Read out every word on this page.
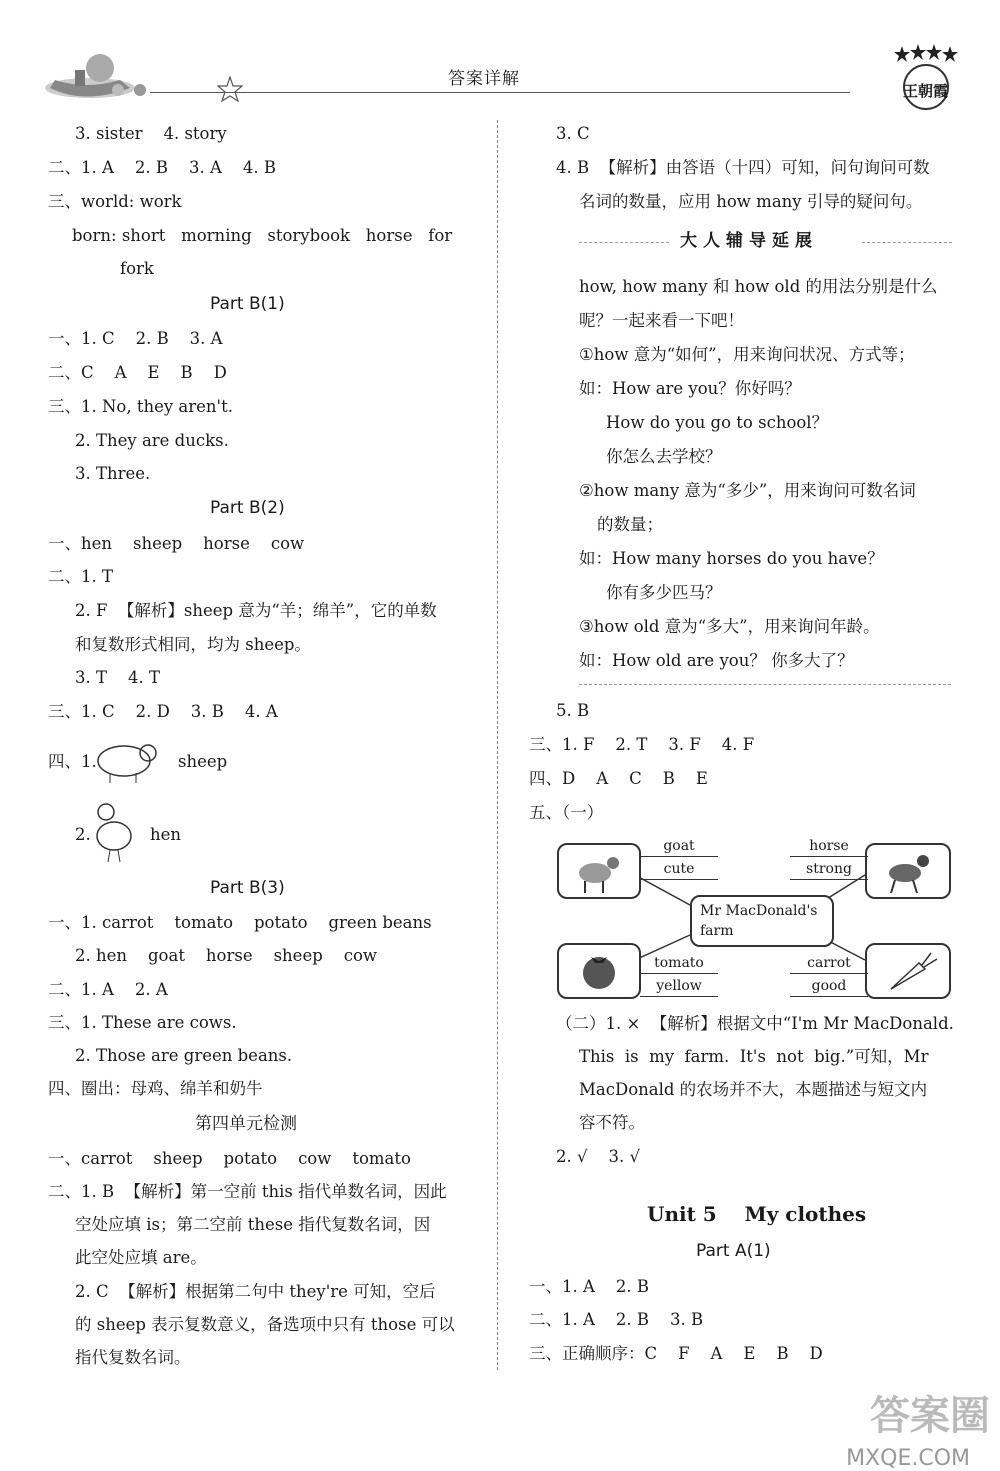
答案详解
王朝霞
3. sister    4. story
二、1. A    2. B    3. A    4. B
三、world: work
born: short   morning   storybook   horse   for
fork
Part B(1)
一、1. C    2. B    3. A
二、C    A    E    B    D
三、1. No, they aren't.
2. They are ducks.
3. Three.
Part B(2)
一、hen    sheep    horse    cow
二、1. T
2. F  【解析】sheep 意为“羊；绵羊”，它的单数
和复数形式相同，均为 sheep。
3. T    4. T
三、1. C    2. D    3. B    4. A
四、1.	sheep
2.	hen
Part B(3)
一、1. carrot    tomato    potato    green beans
2. hen    goat    horse    sheep    cow
二、1. A    2. A
三、1. These are cows.
2. Those are green beans.
四、圈出：母鸡、绵羊和奶牛
第四单元检测
一、carrot    sheep    potato    cow    tomato
二、1. B  【解析】第一空前 this 指代单数名词，因此
空处应填 is；第二空前 these 指代复数名词，因
此空处应填 are。
2. C  【解析】根据第二句中 they're 可知，空后
的 sheep 表示复数意义，备选项中只有 those 可以
指代复数名词。
3. C
4. B  【解析】由答语（十四）可知，问句询问可数
名词的数量，应用 how many 引导的疑问句。
大人辅导延展
how, how many 和 how old 的用法分别是什么
呢？一起来看一下吧！
①how 意为“如何”，用来询问状况、方式等；
如：How are you？你好吗？
How do you go to school？
你怎么去学校？
②how many 意为“多少”，用来询问可数名词
的数量；
如：How many horses do you have？
你有多少匹马？
③how old 意为“多大”，用来询问年龄。
如：How old are you？ 你多大了？
5. B
三、1. F    2. T    3. F    4. F
四、D    A    C    B    E
五、（一）
goat
cute
horse
strong
Mr MacDonald's
farm
tomato
yellow
carrot
good
（二）1. ×  【解析】根据文中“I'm Mr MacDonald.
This  is  my  farm.  It's  not  big.”可知，Mr
MacDonald 的农场并不大，本题描述与短文内
容不符。
2. √    3. √
Unit 5    My clothes
Part A(1)
一、1. A    2. B
二、1. A    2. B    3. B
三、正确顺序：C    F    A    E    B    D
答案圈
MXQE.COM
